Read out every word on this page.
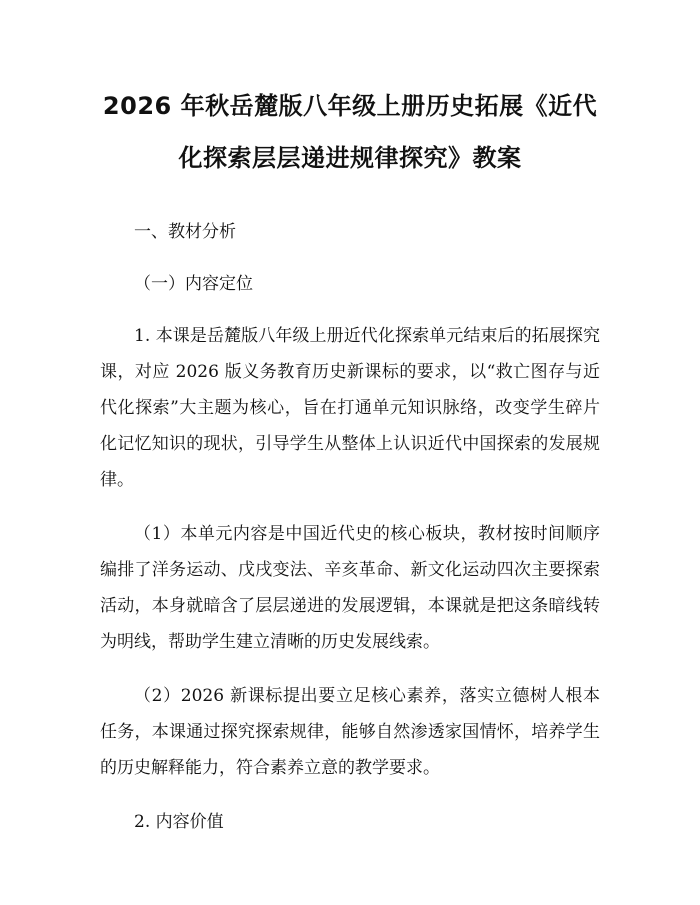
2026 年秋岳麓版八年级上册历史拓展《近代
化探索层层递进规律探究》教案

一、教材分析

（一）内容定位

1. 本课是岳麓版八年级上册近代化探索单元结束后的拓展探究课，对应 2026 版义务教育历史新课标的要求，以“救亡图存与近代化探索”大主题为核心，旨在打通单元知识脉络，改变学生碎片化记忆知识的现状，引导学生从整体上认识近代中国探索的发展规律。

（1）本单元内容是中国近代史的核心板块，教材按时间顺序编排了洋务运动、戊戌变法、辛亥革命、新文化运动四次主要探索活动，本身就暗含了层层递进的发展逻辑，本课就是把这条暗线转为明线，帮助学生建立清晰的历史发展线索。

（2）2026 新课标提出要立足核心素养，落实立德树人根本任务，本课通过探究探索规律，能够自然渗透家国情怀，培养学生的历史解释能力，符合素养立意的教学要求。

2. 内容价值
